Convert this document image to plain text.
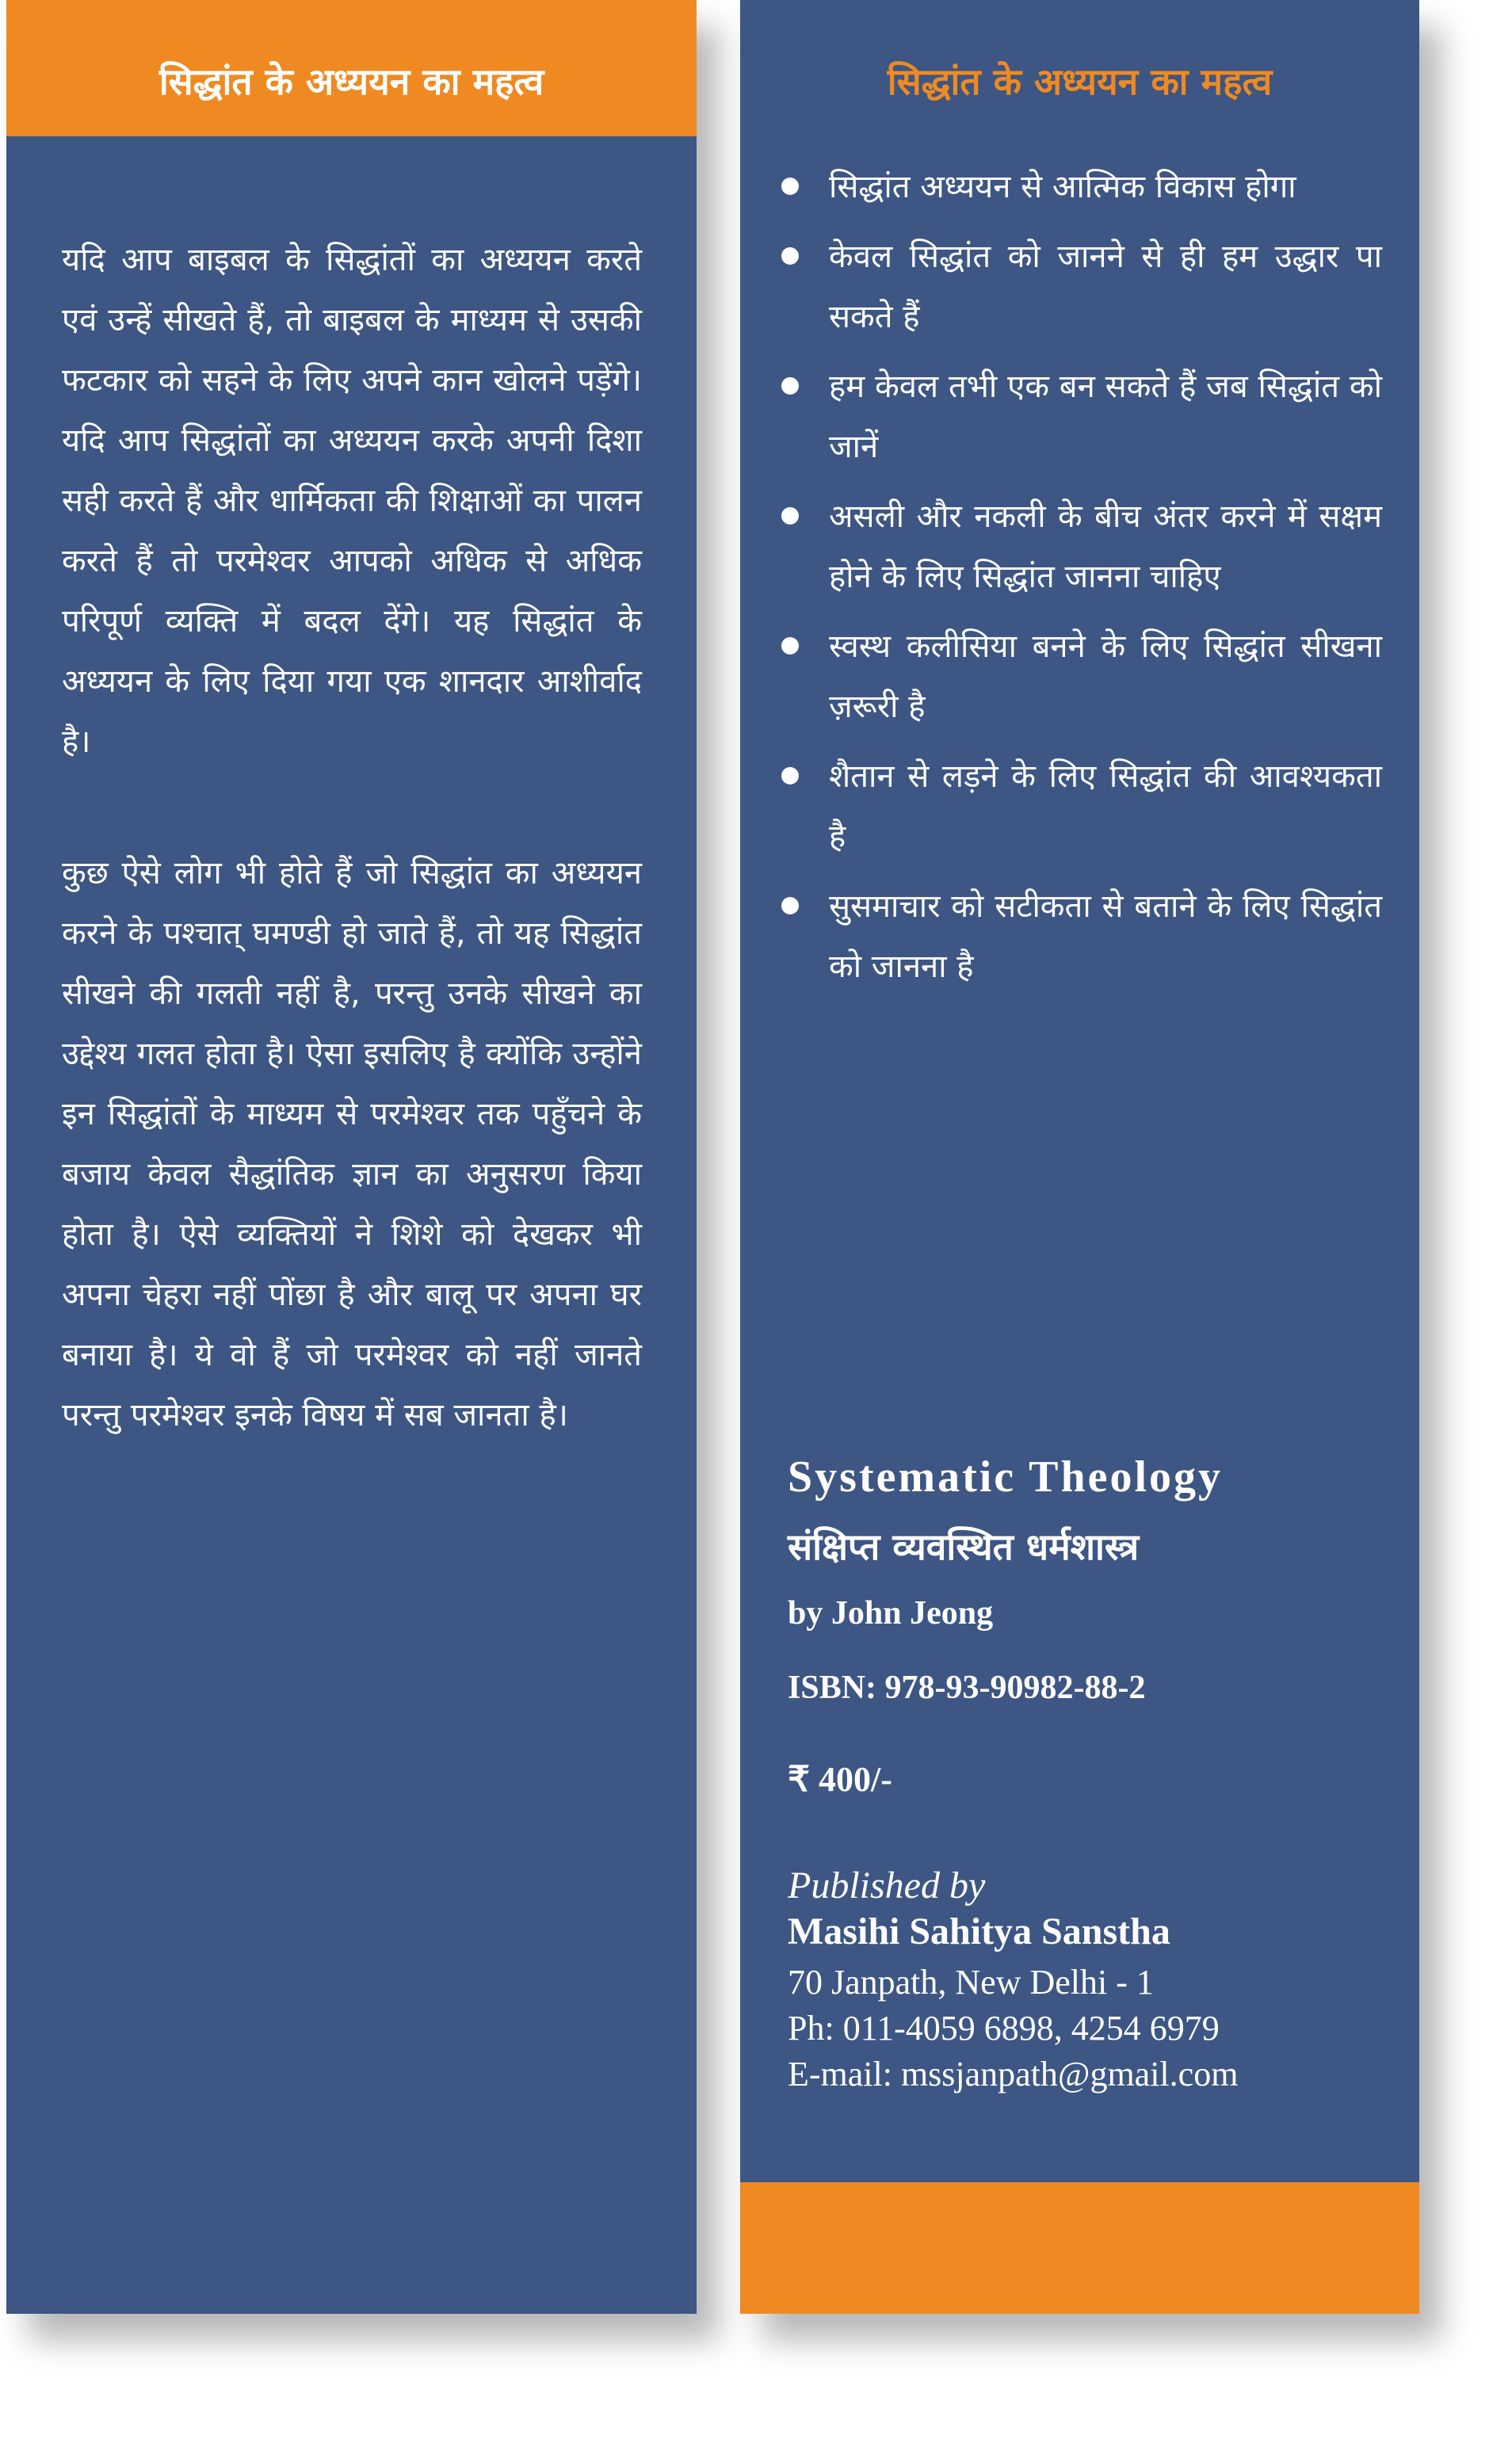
सिद्धांत के अध्ययन का महत्व

यदि आप बाइबल के सिद्धांतों का अध्ययन करते एवं उन्हें सीखते हैं, तो बाइबल के माध्यम से उसकी फटकार को सहने के लिए अपने कान खोलने पड़ेंगे। यदि आप सिद्धांतों का अध्ययन करके अपनी दिशा सही करते हैं और धार्मिकता की शिक्षाओं का पालन करते हैं तो परमेश्वर आपको अधिक से अधिक परिपूर्ण व्यक्ति में बदल देंगे। यह सिद्धांत के अध्ययन के लिए दिया गया एक शानदार आशीर्वाद है।

कुछ ऐसे लोग भी होते हैं जो सिद्धांत का अध्ययन करने के पश्चात् घमण्डी हो जाते हैं, तो यह सिद्धांत सीखने की गलती नहीं है, परन्तु उनके सीखने का उद्देश्य गलत होता है। ऐसा इसलिए है क्योंकि उन्होंने इन सिद्धांतों के माध्यम से परमेश्वर तक पहुँचने के बजाय केवल सैद्धांतिक ज्ञान का अनुसरण किया होता है। ऐसे व्यक्तियों ने शिशे को देखकर भी अपना चेहरा नहीं पोंछा है और बालू पर अपना घर बनाया है। ये वो हैं जो परमेश्वर को नहीं जानते परन्तु परमेश्वर इनके विषय में सब जानता है।

सिद्धांत के अध्ययन का महत्व
सिद्धांत अध्ययन से आत्मिक विकास होगा
केवल सिद्धांत को जानने से ही हम उद्धार पा सकते हैं
हम केवल तभी एक बन सकते हैं जब सिद्धांत को जानें
असली और नकली के बीच अंतर करने में सक्षम होने के लिए सिद्धांत जानना चाहिए
स्वस्थ कलीसिया बनने के लिए सिद्धांत सीखना ज़रूरी है
शैतान से लड़ने के लिए सिद्धांत की आवश्यकता है
सुसमाचार को सटीकता से बताने के लिए सिद्धांत को जानना है
Systematic Theology
संक्षिप्त व्यवस्थित धर्मशास्त्र
by John Jeong
ISBN: 978-93-90982-88-2
₹ 400/-
Published by
Masihi Sahitya Sanstha
70 Janpath, New Delhi - 1
Ph: 011-4059 6898, 4254 6979
E-mail: mssjanpath@gmail.com
